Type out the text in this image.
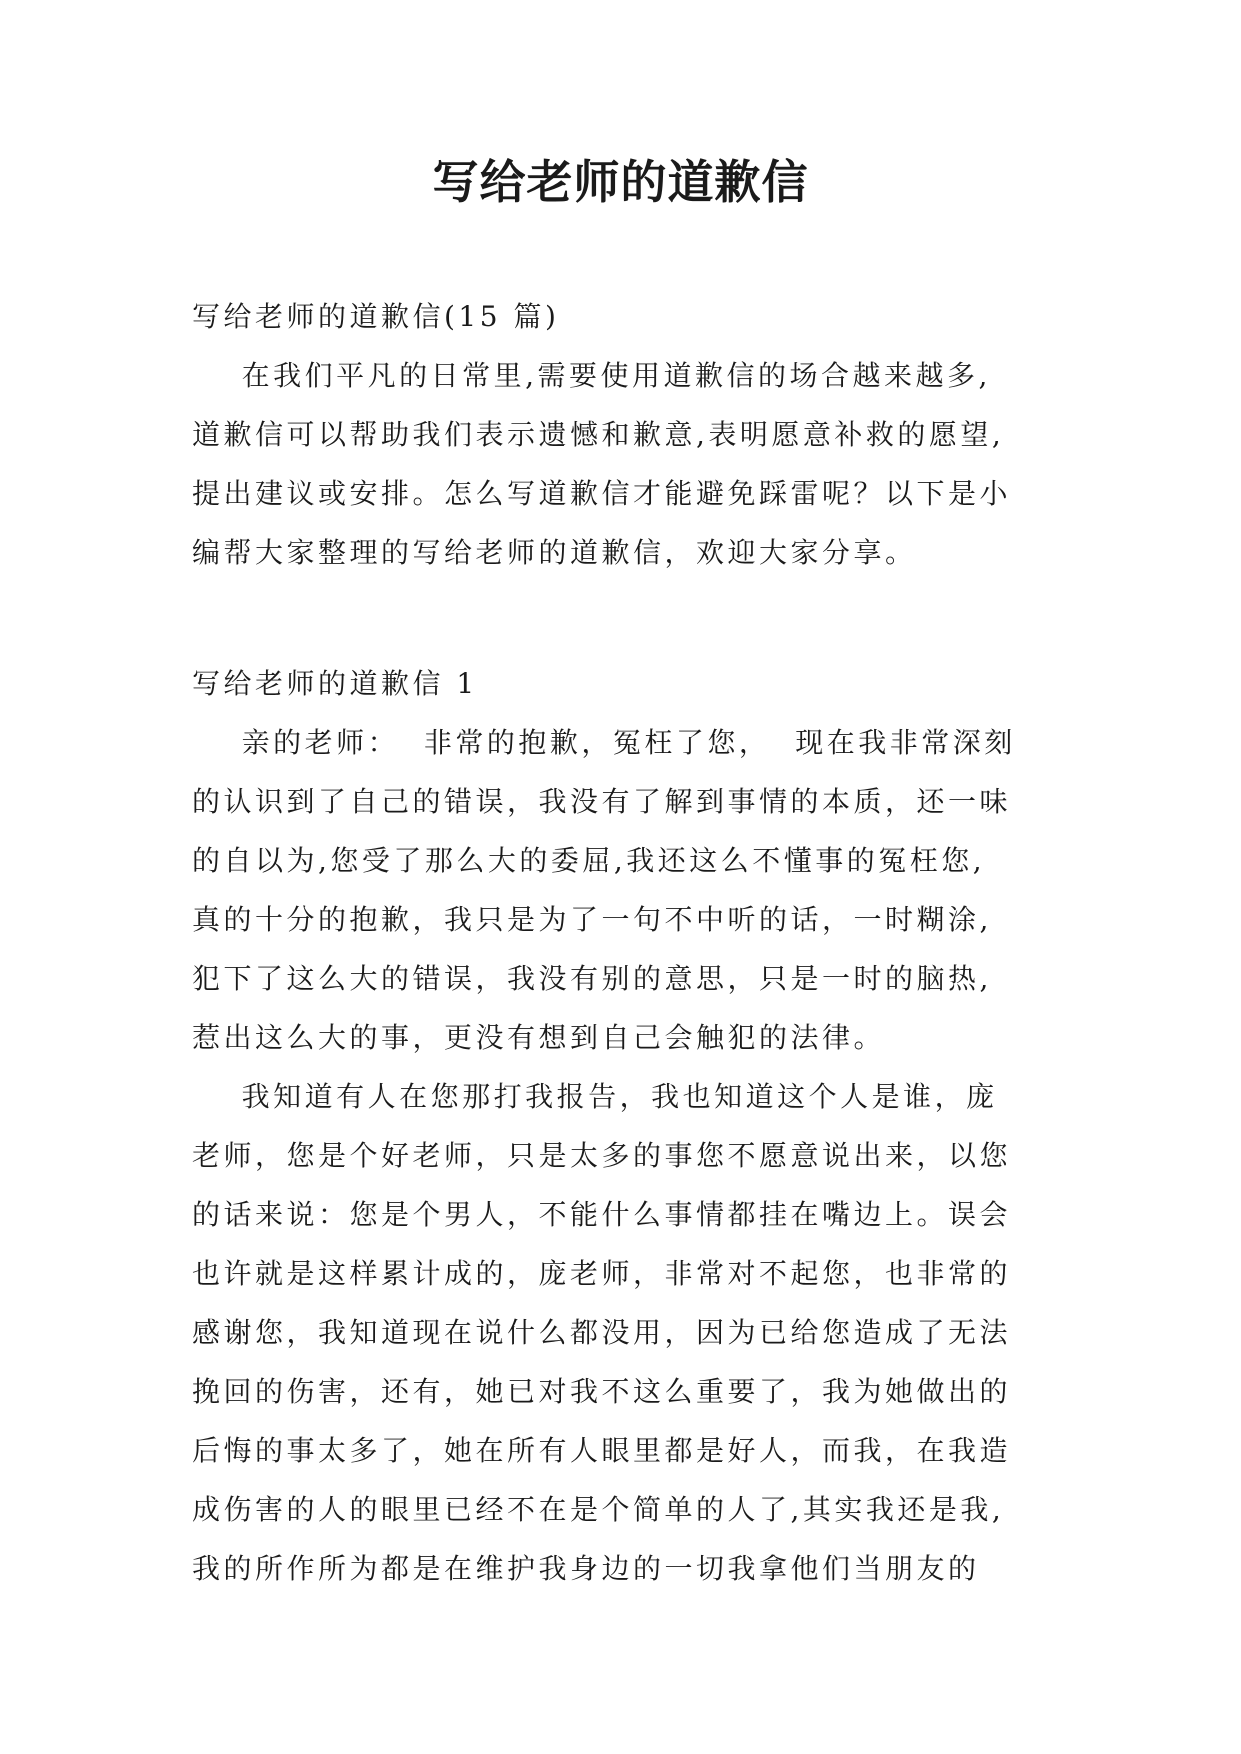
写给老师的道歉信
写给老师的道歉信(15 篇)
在我们平凡的日常里,需要使用道歉信的场合越来越多,
道歉信可以帮助我们表示遗憾和歉意,表明愿意补救的愿望,
提出建议或安排。怎么写道歉信才能避免踩雷呢？以下是小
编帮大家整理的写给老师的道歉信，欢迎大家分享。
写给老师的道歉信 1
亲的老师：  非常的抱歉，冤枉了您，  现在我非常深刻
的认识到了自己的错误，我没有了解到事情的本质，还一味
的自以为,您受了那么大的委屈,我还这么不懂事的冤枉您,
真的十分的抱歉，我只是为了一句不中听的话，一时糊涂,
犯下了这么大的错误，我没有别的意思，只是一时的脑热,
惹出这么大的事，更没有想到自己会触犯的法律。
我知道有人在您那打我报告，我也知道这个人是谁，庞
老师，您是个好老师，只是太多的事您不愿意说出来，以您
的话来说：您是个男人，不能什么事情都挂在嘴边上。误会
也许就是这样累计成的，庞老师，非常对不起您，也非常的
感谢您，我知道现在说什么都没用，因为已给您造成了无法
挽回的伤害，还有，她已对我不这么重要了，我为她做出的
后悔的事太多了，她在所有人眼里都是好人，而我，在我造
成伤害的人的眼里已经不在是个简单的人了,其实我还是我,
我的所作所为都是在维护我身边的一切我拿他们当朋友的
